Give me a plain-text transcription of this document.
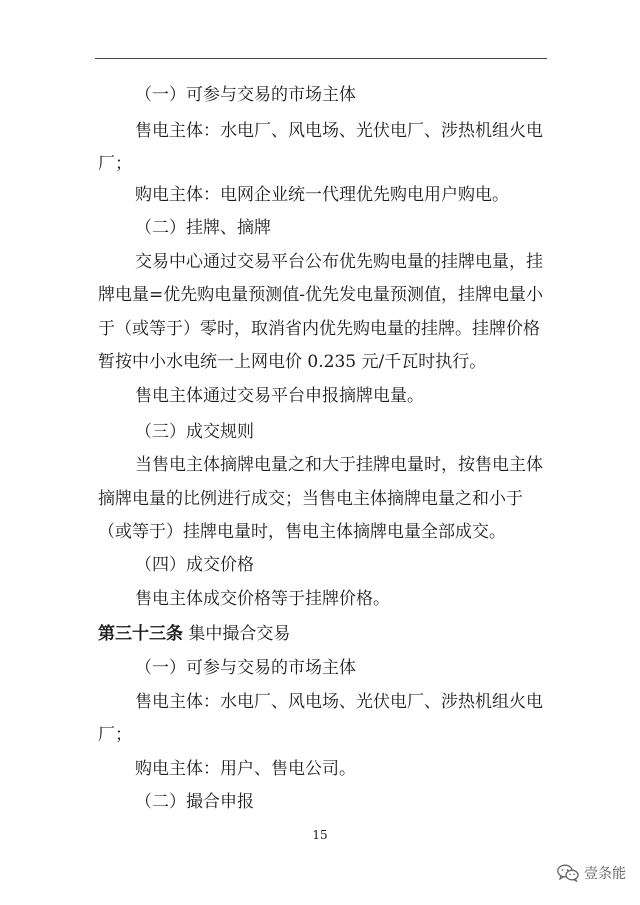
（一）可参与交易的市场主体
售电主体：水电厂、风电场、光伏电厂、涉热机组火电
厂；
购电主体：电网企业统一代理优先购电用户购电。
（二）挂牌、摘牌
交易中心通过交易平台公布优先购电量的挂牌电量，挂
牌电量=优先购电量预测值-优先发电量预测值，挂牌电量小
于（或等于）零时，取消省内优先购电量的挂牌。挂牌价格
暂按中小水电统一上网电价 0.235 元/千瓦时执行。
售电主体通过交易平台申报摘牌电量。
（三）成交规则
当售电主体摘牌电量之和大于挂牌电量时，按售电主体
摘牌电量的比例进行成交；当售电主体摘牌电量之和小于
（或等于）挂牌电量时，售电主体摘牌电量全部成交。
（四）成交价格
售电主体成交价格等于挂牌价格。
第三十三条 集中撮合交易
（一）可参与交易的市场主体
售电主体：水电厂、风电场、光伏电厂、涉热机组火电
厂；
购电主体：用户、售电公司。
（二）撮合申报
15
壹条能
